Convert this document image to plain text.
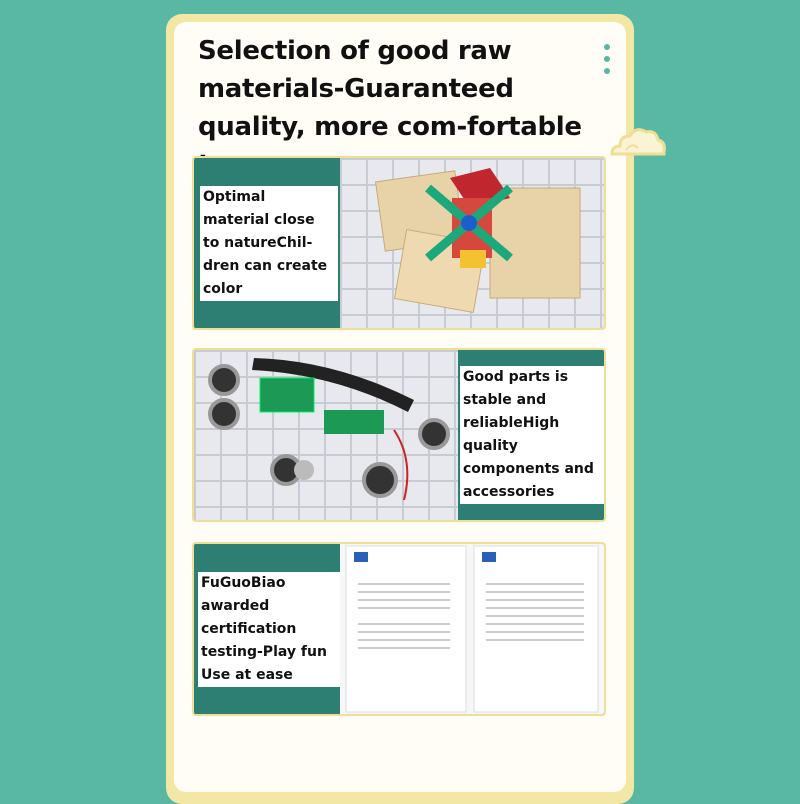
Selection of good raw materials-Guaranteed quality, more com-fortable
Optimal material close to natureChil-dren can create color
Good parts is stable and reliableHigh quality components and accessories
FuGuoBiao awarded certification testing-Play fun Use at ease
